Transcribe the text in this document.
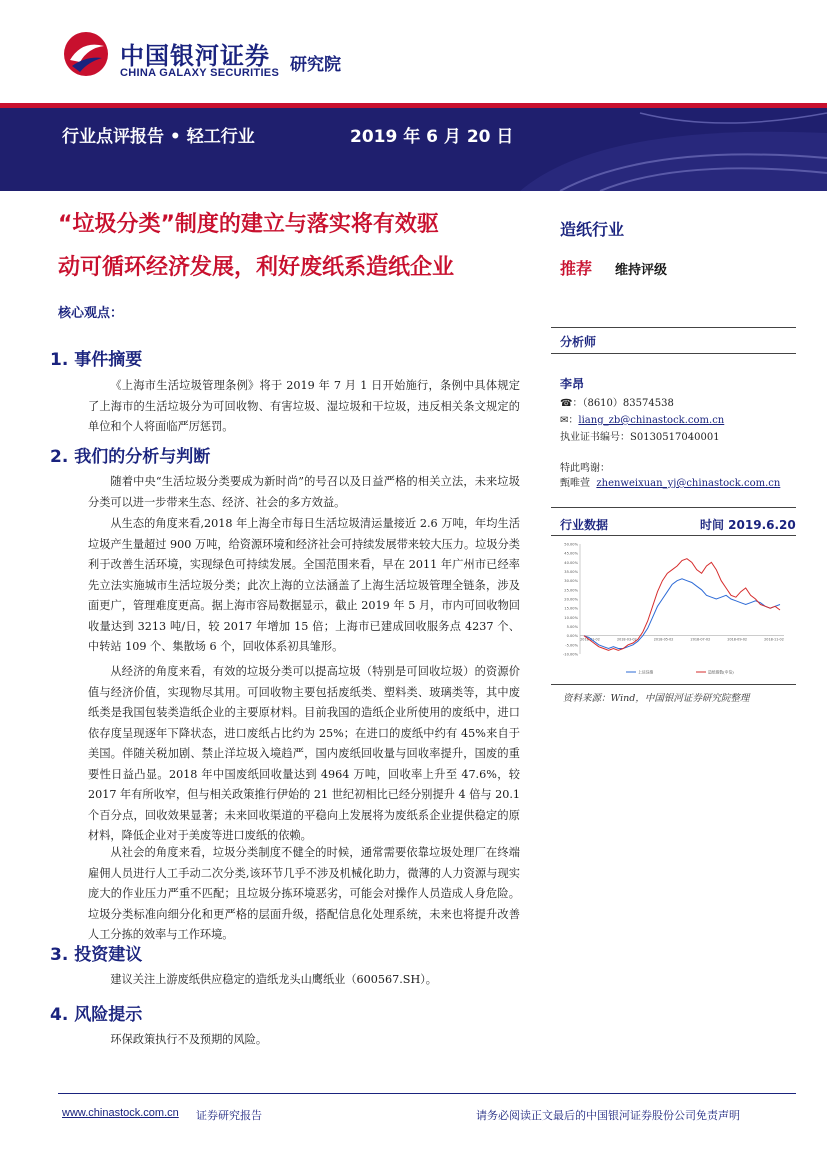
中国银河证券
CHINA GALAXY SECURITIES 研究院
行业点评报告 • 轻工行业	2019 年 6 月 20 日
“垃圾分类”制度的建立与落实将有效驱
动可循环经济发展，利好废纸系造纸企业
造纸行业
推荐 维持评级
核心观点：
1. 事件摘要
《上海市生活垃圾管理条例》将于 2019 年 7 月 1 日开始施行，条例中具体规定了上海市的生活垃圾分为可回收物、有害垃圾、湿垃圾和干垃圾，违反相关条文规定的单位和个人将面临严厉惩罚。
2. 我们的分析与判断
随着中央“生活垃圾分类要成为新时尚”的号召以及日益严格的相关立法，未来垃圾分类可以进一步带来生态、经济、社会的多方效益。
从生态的角度来看,2018 年上海全市每日生活垃圾清运量接近 2.6 万吨，年均生活垃圾产生量超过 900 万吨，给资源环境和经济社会可持续发展带来较大压力。垃圾分类利于改善生活环境，实现绿色可持续发展。全国范围来看，早在 2011 年广州市已经率先立法实施城市生活垃圾分类；此次上海的立法涵盖了上海生活垃圾管理全链条，涉及面更广，管理难度更高。据上海市容局数据显示，截止 2019 年 5 月，市内可回收物回收量达到 3213 吨/日，较 2017 年增加 15 倍；上海市已建成回收服务点 4237 个、中转站 109 个、集散场 6 个，回收体系初具雏形。
从经济的角度来看，有效的垃圾分类可以提高垃圾（特别是可回收垃圾）的资源价值与经济价值，实现物尽其用。可回收物主要包括废纸类、塑料类、玻璃类等，其中废纸类是我国包装类造纸企业的主要原材料。目前我国的造纸企业所使用的废纸中，进口依存度呈现逐年下降状态，进口废纸占比约为 25%；在进口的废纸中约有 45%来自于美国。伴随关税加剧、禁止洋垃圾入境趋严，国内废纸回收量与回收率提升，国废的重要性日益凸显。2018 年中国废纸回收量达到 4964 万吨，回收率上升至 47.6%，较 2017 年有所收窄，但与相关政策推行伊始的 21 世纪初相比已经分别提升 4 倍与 20.1 个百分点，回收效果显著；未来回收渠道的平稳向上发展将为废纸系企业提供稳定的原材料，降低企业对于美废等进口废纸的依赖。
从社会的角度来看，垃圾分类制度不健全的时候，通常需要依靠垃圾处理厂在终端雇佣人员进行人工手动二次分类,该环节几乎不涉及机械化助力，微薄的人力资源与现实庞大的作业压力严重不匹配；且垃圾分拣环境恶劣，可能会对操作人员造成人身危险。垃圾分类标准向细分化和更严格的层面升级，搭配信息化处理系统，未来也将提升改善人工分拣的效率与工作环境。
3. 投资建议
建议关注上游废纸供应稳定的造纸龙头山鹰纸业（600567.SH）。
4. 风险提示
环保政策执行不及预期的风险。
分析师
李昂
☎：（8610）83574538
✉：liang_zb@chinastock.com.cn
执业证书编号：S0130517040001
特此鸣谢：
甄唯萱 zhenweixuan_yj@chinastock.com.cn
行业数据	时间 2019.6.20
50.00%
45.00%
40.00%
35.00%
30.00%
25.00%
20.00%
15.00%
10.00%
5.00%
0.00%
-5.00%
-10.00%
2018-01-02	2018-03-02	2018-05-02	2018-07-02	2018-09-02	2018-11-02
上证综指	造纸指数(中信)
资料来源：Wind，中国银河证券研究院整理
www.chinastock.com.cn 证券研究报告	请务必阅读正文最后的中国银河证券股份公司免责声明
